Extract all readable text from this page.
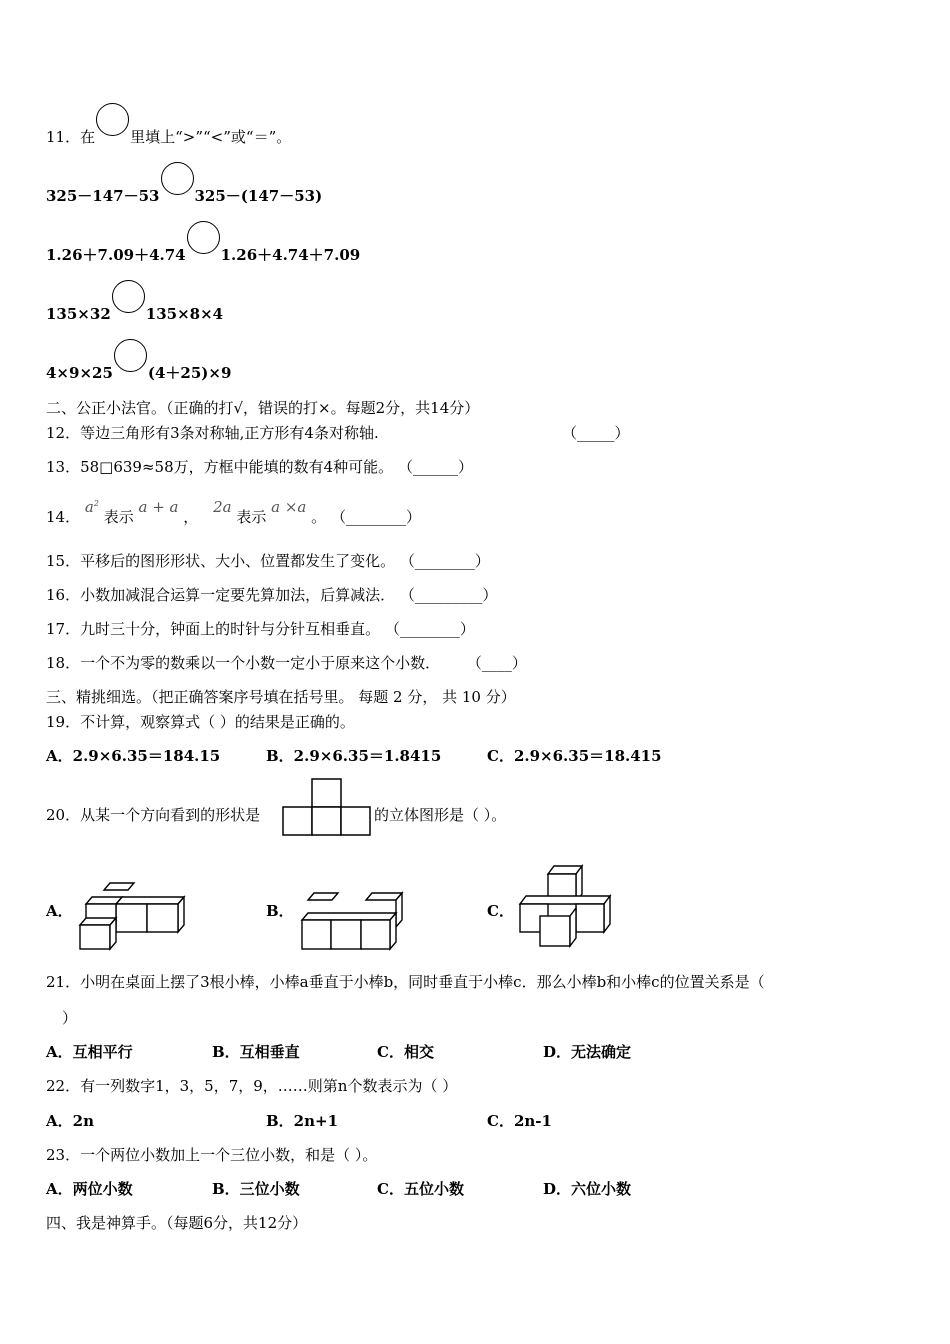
11．在 里填上“>”“<”或“＝”。
325－147－53 325－(147－53)
1.26＋7.09＋4.74 1.26＋4.74＋7.09
135×32 135×8×4
4×9×25 (4＋25)×9
二、公正小法官。（正确的打√，错误的打×。每题2分，共14分）
12．等边三角形有3条对称轴,正方形有4条对称轴.	（_____）
13．58□639≈58万，方框中能填的数有4种可能。 （______）
14． $a^2$ 表示 a + a ， 2a 表示 a ×a 。 （________）
15．平移后的图形形状、大小、位置都发生了变化。 （________）
16．小数加减混合运算一定要先算加法，后算减法． （_________）
17．九时三十分，钟面上的时针与分针互相垂直。 （________）
18．一个不为零的数乘以一个小数一定小于原来这个小数． （____）
三、精挑细选。（把正确答案序号填在括号里。 每题 2 分， 共 10 分）
19．不计算，观察算式（ ）的结果是正确的。
A．2.9×6.35＝184.15	B．2.9×6.35＝1.8415	C．2.9×6.35＝18.415
20．从某一个方向看到的形状是	的立体图形是（ ）。
A．	B．	C．
21．小明在桌面上摆了3根小棒，小棒a垂直于小棒b，同时垂直于小棒c．那么小棒b和小棒c的位置关系是（
）
A．互相平行	B．互相垂直	C．相交	D．无法确定
22．有一列数字1，3，5，7，9，……则第n个数表示为（ ）
A．2n	B．2n+1	C．2n-1
23．一个两位小数加上一个三位小数，和是（ ）。
A．两位小数	B．三位小数	C．五位小数	D．六位小数
四、我是神算手。（每题6分，共12分）
